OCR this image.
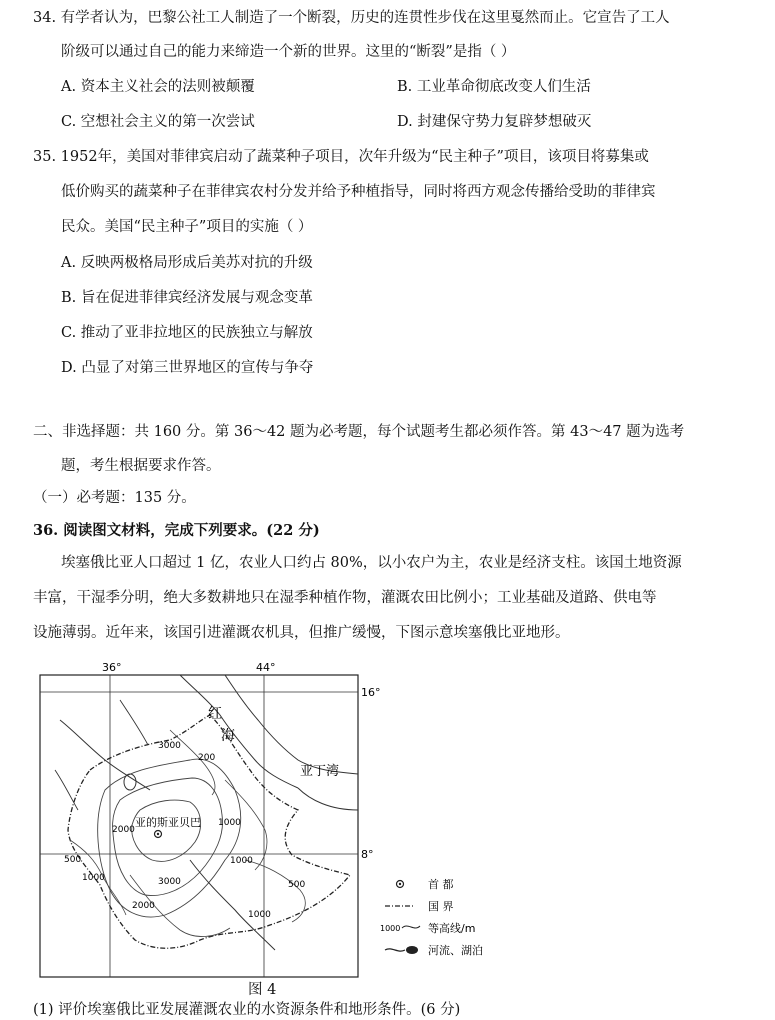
34. 有学者认为，巴黎公社工人制造了一个断裂，历史的连贯性步伐在这里戛然而止。它宣告了工人
阶级可以通过自己的能力来缔造一个新的世界。这里的“断裂”是指（ ）
A. 资本主义社会的法则被颠覆	B. 工业革命彻底改变人们生活
C. 空想社会主义的第一次尝试	D. 封建保守势力复辟梦想破灭
35. 1952年，美国对菲律宾启动了蔬菜种子项目，次年升级为“民主种子”项目，该项目将募集或
低价购买的蔬菜种子在菲律宾农村分发并给予种植指导，同时将西方观念传播给受助的菲律宾
民众。美国“民主种子”项目的实施（ ）
A. 反映两极格局形成后美苏对抗的升级
B. 旨在促进菲律宾经济发展与观念变革
C. 推动了亚非拉地区的民族独立与解放
D. 凸显了对第三世界地区的宣传与争夺
二、非选择题：共 160 分。第 36～42 题为必考题，每个试题考生都必须作答。第 43～47 题为选考
题，考生根据要求作答。
（一）必考题：135 分。
36. 阅读图文材料，完成下列要求。(22 分)
埃塞俄比亚人口超过 1 亿，农业人口约占 80%，以小农户为主，农业是经济支柱。该国土地资源
丰富，干湿季分明，绝大多数耕地只在湿季种植作物，灌溉农田比例小；工业基础及道路、供电等
设施薄弱。近年来，该国引进灌溉农机具，但推广缓慢，下图示意埃塞俄比亚地形。
36°	44°
16°
8°
红
海
亚丁湾
亚的斯亚贝巴
3000
200
1000
2000
1000
3000
500
1000
2000
500
1000
首 都
国 界
1000	等高线/m
河流、湖泊
图 4
(1) 评价埃塞俄比亚发展灌溉农业的水资源条件和地形条件。(6 分)
